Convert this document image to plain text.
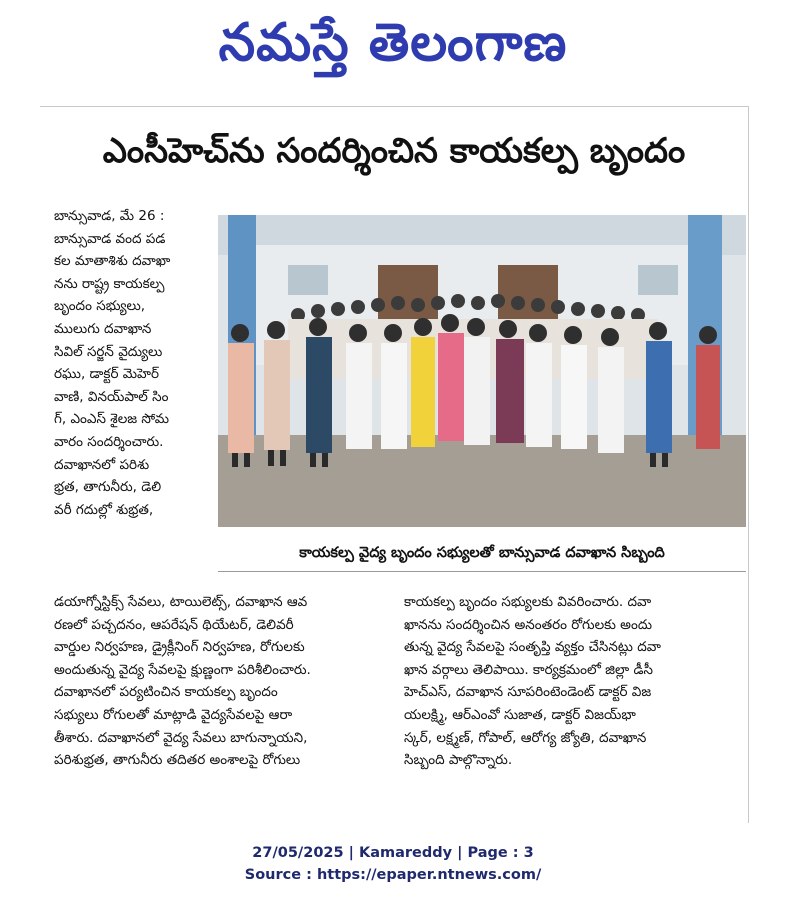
నమస్తే తెలంగాణ
ఎంసీహెచ్‌ను సందర్శించిన కాయకల్ప బృందం
బాన్సువాడ, మే 26 :
బాన్సువాడ వంద పడ
కల మాతాశిశు దవాఖా
నను రాష్ట్ర కాయకల్ప
బృందం సభ్యులు,
ములుగు దవాఖాన
సివిల్ సర్జన్ వైద్యులు
రఘు, డాక్టర్ మెహెర్
వాణి, వినయ్‌పాల్ సిం
గ్, ఎంఎస్ శైలజ సోమ
వారం సందర్శించారు.
దవాఖానలో పరిశు
భ్రత, తాగునీరు, డెలి
వరీ గదుల్లో శుభ్రత,
కాయకల్ప వైద్య బృందం సభ్యులతో బాన్సువాడ దవాఖాన సిబ్బంది
డయాగ్నోస్టిక్స్ సేవలు, టాయిలెట్స్, దవాఖాన ఆవ
రణలో పచ్చదనం, ఆపరేషన్ థియేటర్, డెలివరీ
వార్డుల నిర్వహణ, డ్రైక్లీనింగ్ నిర్వహణ, రోగులకు
అందుతున్న వైద్య సేవలపై క్షుణ్ణంగా పరిశీలించారు.
దవాఖానలో పర్యటించిన కాయకల్ప బృందం
సభ్యులు రోగులతో మాట్లాడి వైద్యసేవలపై ఆరా
తీశారు. దవాఖానలో వైద్య సేవలు బాగున్నాయని,
పరిశుభ్రత, తాగునీరు తదితర అంశాలపై రోగులు
కాయకల్ప బృందం సభ్యులకు వివరించారు. దవా
ఖానను సందర్శించిన అనంతరం రోగులకు అందు
తున్న వైద్య సేవలపై సంతృప్తి వ్యక్తం చేసినట్లు దవా
ఖాన వర్గాలు తెలిపాయి. కార్యక్రమంలో జిల్లా డీసీ
హెచ్ఎస్, దవాఖాన సూపరింటెండెంట్ డాక్టర్ విజ
యలక్ష్మి, ఆర్ఎంవో సుజాత, డాక్టర్ విజయ్‌భా
స్కర్, లక్ష్మణ్, గోపాల్, ఆరోగ్య జ్యోతి, దవాఖాన
సిబ్బంది పాల్గొన్నారు.
27/05/2025 | Kamareddy | Page : 3
Source : https://epaper.ntnews.com/
